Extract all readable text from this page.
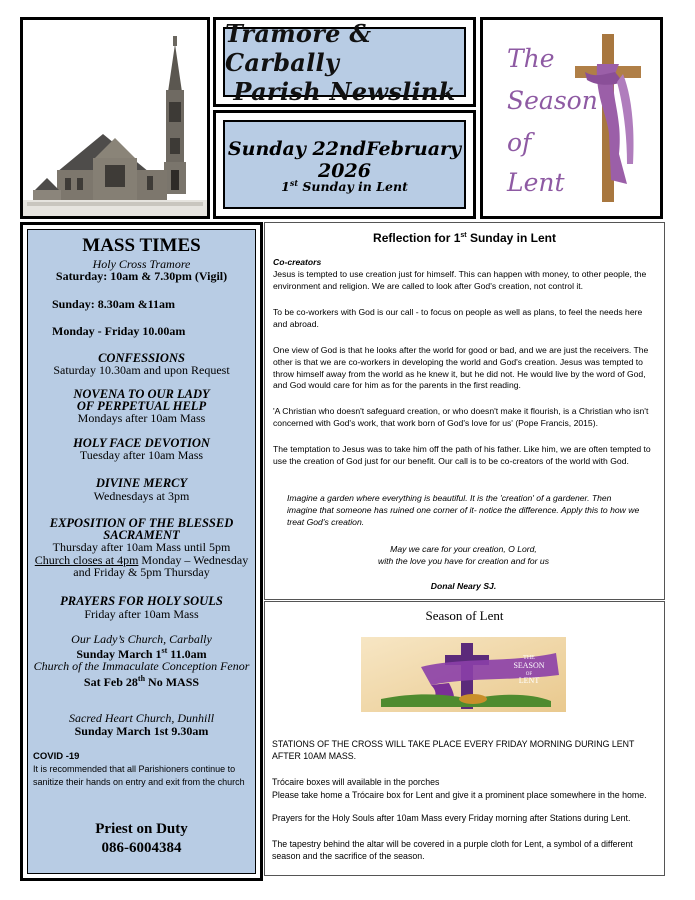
Tramore & Carbally
Parish Newslink
Sunday 22ndFebruary 2026
1st Sunday in Lent
The
Season
of
Lent
MASS TIMES
Holy Cross Tramore
Saturday: 10am & 7.30pm (Vigil)
Sunday: 8.30am &11am
Monday - Friday 10.00am
CONFESSIONS
Saturday 10.30am and upon Request
NOVENA TO OUR LADY
OF PERPETUAL HELP
Mondays after 10am Mass
HOLY FACE DEVOTION
Tuesday after 10am Mass
DIVINE MERCY
Wednesdays at 3pm
EXPOSITION OF THE BLESSED
SACRAMENT
Thursday after 10am Mass until 5pm
Church closes at 4pm Monday – Wednesday
and Friday & 5pm Thursday
PRAYERS FOR HOLY SOULS
Friday after 10am Mass
Our Lady’s Church, Carbally
Sunday March 1st 11.0am
Church of the Immaculate Conception Fenor
Sat Feb 28th No MASS
Sacred Heart Church, Dunhill
Sunday March 1st 9.30am
COVID -19
It is recommended that all Parishioners continue to sanitize their hands on entry and exit from the church
Priest on Duty
086-6004384
Reflection for 1st Sunday in Lent
Co-creators
Jesus is tempted to use creation just for himself. This can happen with money, to other people, the environment and religion. We are called to look after God's creation, not control it.
To be co-workers with God is our call - to focus on people as well as plans, to feel the needs here and abroad.
One view of God is that he looks after the world for good or bad, and we are just the receivers. The other is that we are co-workers in developing the world and God's creation. Jesus was tempted to throw himself away from the world as he knew it, but he did not. He would live by the word of God, and God would care for him as for the parents in the first reading.
'A Christian who doesn't safeguard creation, or who doesn't make it flourish, is a Christian who isn't concerned with God's work, that work born of God's love for us' (Pope Francis, 2015).
The temptation to Jesus was to take him off the path of his father. Like him, we are often tempted to use the creation of God just for our benefit. Our call is to be co-creators of the world with God.
Imagine a garden where everything is beautiful. It is the 'creation' of a gardener. Then imagine that someone has ruined one corner of it- notice the difference. Apply this to how we treat God's creation.
May we care for your creation, O Lord,
with the love you have for creation and for us
Donal Neary SJ.
Season of Lent
THE
SEASON
OF
LENT
STATIONS OF THE CROSS WILL TAKE PLACE EVERY FRIDAY MORNING DURING LENT AFTER 10AM MASS.
Trócaire boxes will available in the porches
Please take home a Trócaire box for Lent and give it a prominent place somewhere in the home.
Prayers for the Holy Souls after 10am Mass every Friday morning after Stations during Lent.
The tapestry behind the altar will be covered in a purple cloth for Lent, a symbol of a different season and the sacrifice of the season.
